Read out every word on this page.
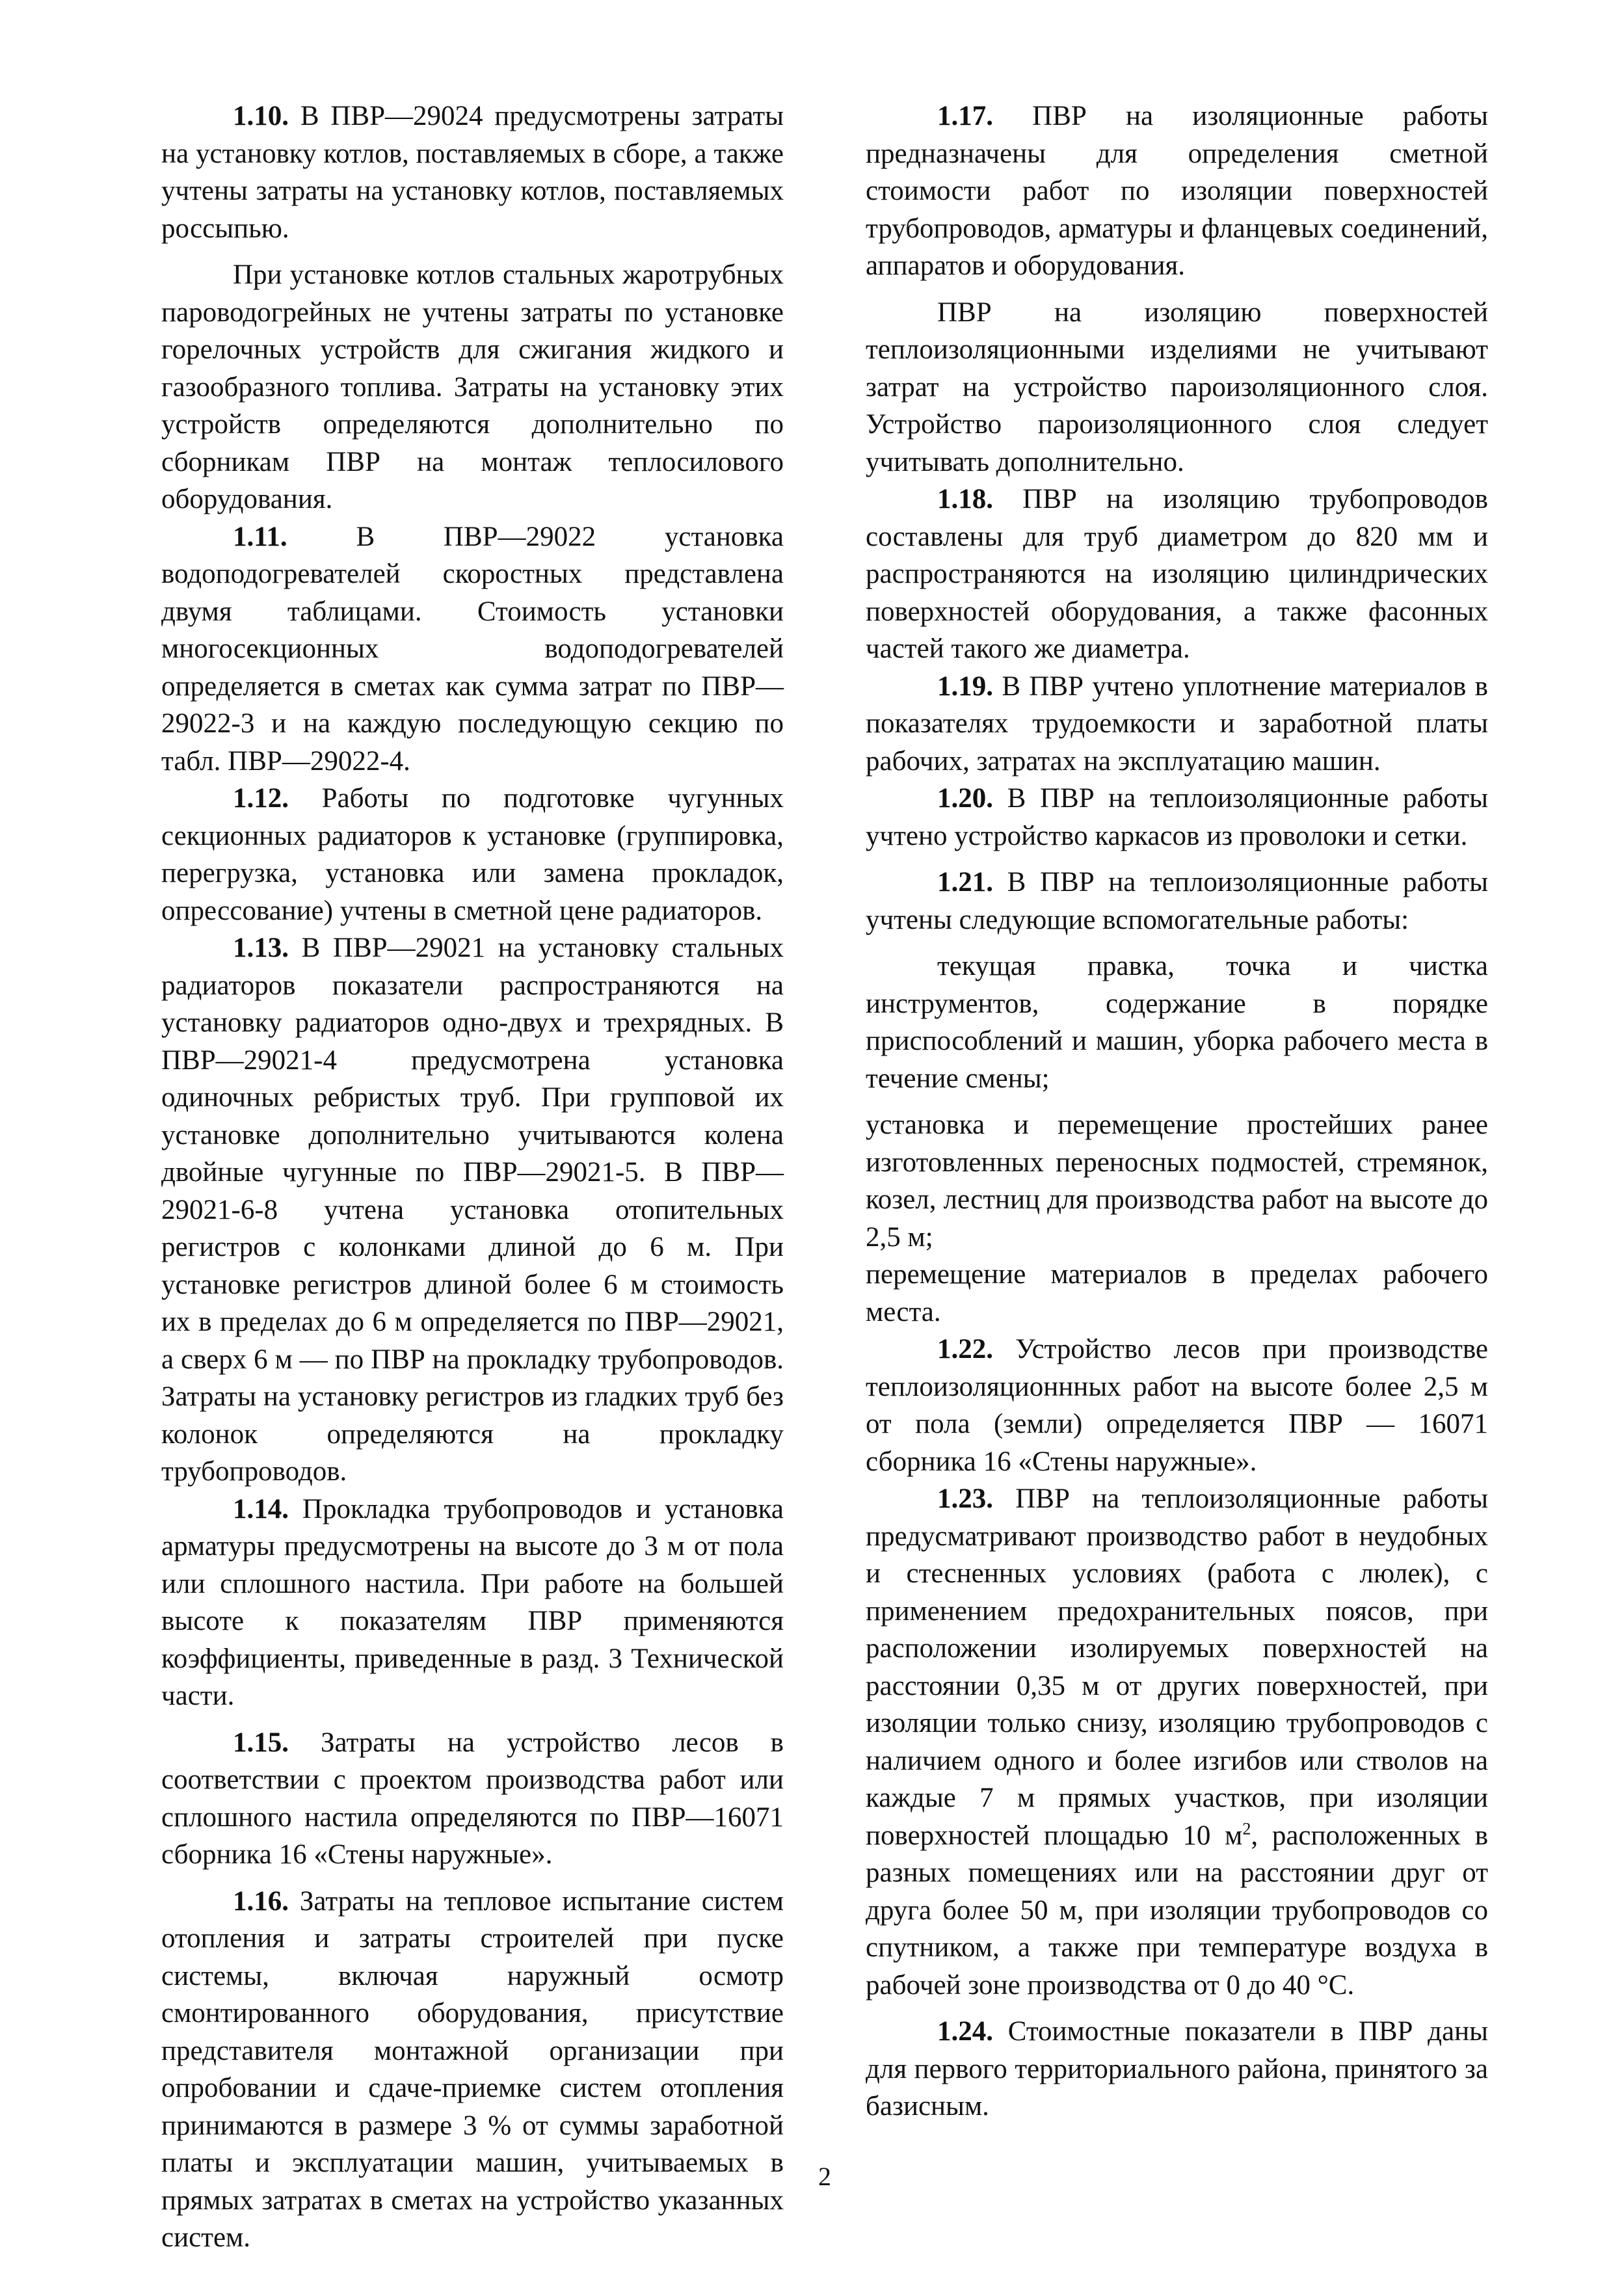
1.10. В ПВР—29024 предусмотрены затраты на установку котлов, поставляемых в сборе, а также учтены затраты на установку котлов, поставляемых россыпью.

При установке котлов стальных жаротрубных пароводогрейных не учтены затраты по установке горелочных устройств для сжигания жидкого и газообразного топлива. Затраты на установку этих устройств определяются дополнительно по сборникам ПВР на монтаж теплосилового оборудования.

1.11. В ПВР—29022 установка водоподогревателей скоростных представлена двумя таблицами. Стоимость установки многосекционных водоподогревателей определяется в сметах как сумма затрат по ПВР—29022-3 и на каждую последующую секцию по табл. ПВР—29022-4.

1.12. Работы по подготовке чугунных секционных радиаторов к установке (группировка, перегрузка, установка или замена прокладок, опрессование) учтены в сметной цене радиаторов.

1.13. В ПВР—29021 на установку стальных радиаторов показатели распространяются на установку радиаторов одно-двух и трехрядных. В ПВР—29021-4 предусмотрена установка одиночных ребристых труб. При групповой их установке дополнительно учитываются колена двойные чугунные по ПВР—29021-5. В ПВР—29021-6-8 учтена установка отопительных регистров с колонками длиной до 6 м. При установке регистров длиной более 6 м стоимость их в пределах до 6 м определяется по ПВР—29021, а сверх 6 м — по ПВР на прокладку трубопроводов. Затраты на установку регистров из гладких труб без колонок определяются на прокладку трубопроводов.

1.14. Прокладка трубопроводов и установка арматуры предусмотрены на высоте до 3 м от пола или сплошного настила. При работе на большей высоте к показателям ПВР применяются коэффициенты, приведенные в разд. 3 Технической части.

1.15. Затраты на устройство лесов в соответствии с проектом производства работ или сплошного настила определяются по ПВР—16071 сборника 16 «Стены наружные».

1.16. Затраты на тепловое испытание систем отопления и затраты строителей при пуске системы, включая наружный осмотр смонтированного оборудования, присутствие представителя монтажной организации при опробовании и сдаче-приемке систем отопления принимаются в размере 3 % от суммы заработной платы и эксплуатации машин, учитываемых в прямых затратах в сметах на устройство указанных систем.

1.17. ПВР на изоляционные работы предназначены для определения сметной стоимости работ по изоляции поверхностей трубопроводов, арматуры и фланцевых соединений, аппаратов и оборудования.

ПВР на изоляцию поверхностей теплоизоляционными изделиями не учитывают затрат на устройство пароизоляционного слоя. Устройство пароизоляционного слоя следует учитывать дополнительно.

1.18. ПВР на изоляцию трубопроводов составлены для труб диаметром до 820 мм и распространяются на изоляцию цилиндрических поверхностей оборудования, а также фасонных частей такого же диаметра.

1.19. В ПВР учтено уплотнение материалов в показателях трудоемкости и заработной платы рабочих, затратах на эксплуатацию машин.

1.20. В ПВР на теплоизоляционные работы учтено устройство каркасов из проволоки и сетки.

1.21. В ПВР на теплоизоляционные работы учтены следующие вспомогательные работы:

текущая правка, точка и чистка инструментов, содержание в порядке приспособлений и машин, уборка рабочего места в течение смены;

установка и перемещение простейших ранее изготовленных переносных подмостей, стремянок, козел, лестниц для производства работ на высоте до 2,5 м;

перемещение материалов в пределах рабочего места.

1.22. Устройство лесов при производстве теплоизоляционнных работ на высоте более 2,5 м от пола (земли) определяется ПВР — 16071 сборника 16 «Стены наружные».

1.23. ПВР на теплоизоляционные работы предусматривают производство работ в неудобных и стесненных условиях (работа с люлек), с применением предохранительных поясов, при расположении изолируемых поверхностей на расстоянии 0,35 м от других поверхностей, при изоляции только снизу, изоляцию трубопроводов с наличием одного и более изгибов или стволов на каждые 7 м прямых участков, при изоляции поверхностей площадью 10 $м^2$, расположенных в разных помещениях или на расстоянии друг от друга более 50 м, при изоляции трубопроводов со спутником, а также при температуре воздуха в рабочей зоне производства от 0 до 40 °С.

1.24. Стоимостные показатели в ПВР даны для первого территориального района, принятого за базисным.

2
